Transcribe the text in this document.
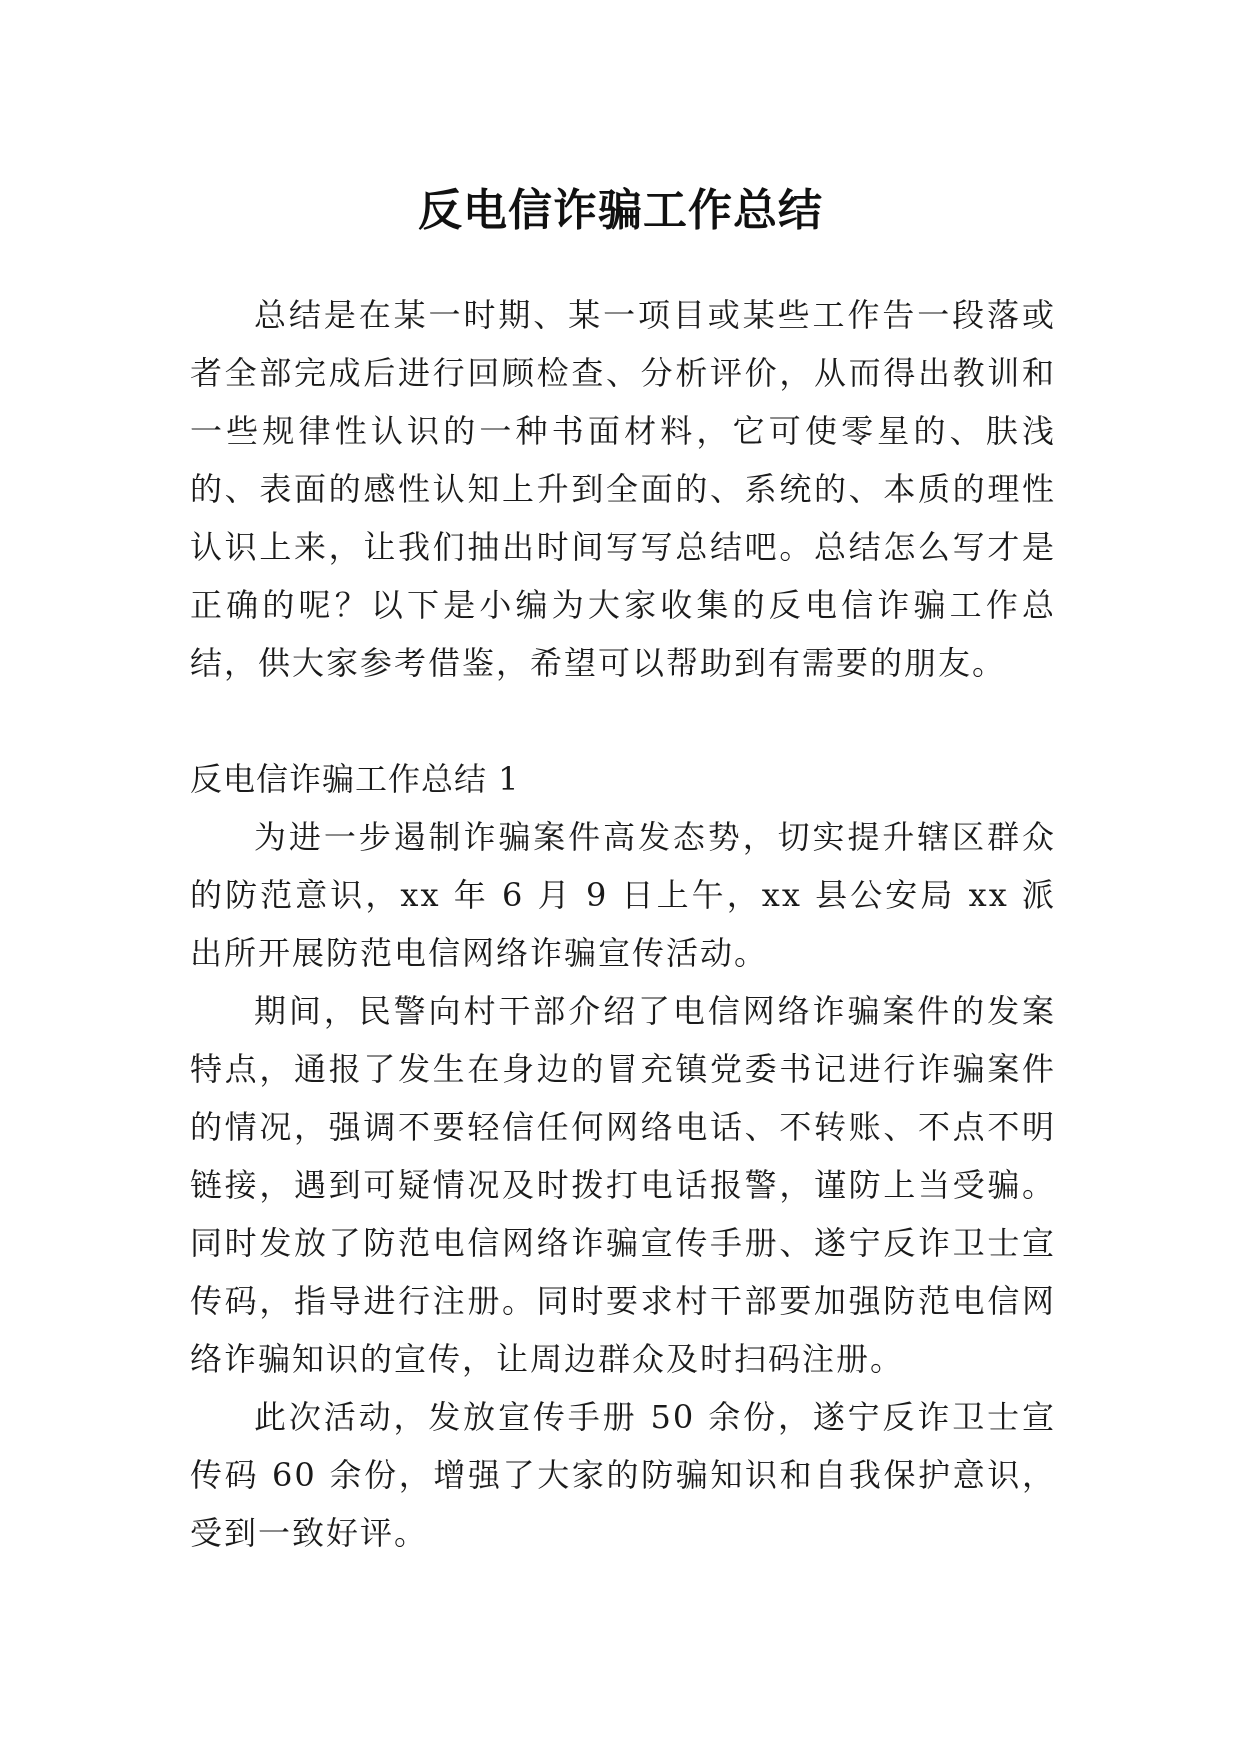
反电信诈骗工作总结

总结是在某一时期、某一项目或某些工作告一段落或者全部完成后进行回顾检查、分析评价，从而得出教训和一些规律性认识的一种书面材料，它可使零星的、肤浅的、表面的感性认知上升到全面的、系统的、本质的理性认识上来，让我们抽出时间写写总结吧。总结怎么写才是正确的呢？以下是小编为大家收集的反电信诈骗工作总结，供大家参考借鉴，希望可以帮助到有需要的朋友。

反电信诈骗工作总结 1

为进一步遏制诈骗案件高发态势，切实提升辖区群众的防范意识，xx 年 6 月 9 日上午，xx 县公安局 xx 派出所开展防范电信网络诈骗宣传活动。

期间，民警向村干部介绍了电信网络诈骗案件的发案特点，通报了发生在身边的冒充镇党委书记进行诈骗案件的情况，强调不要轻信任何网络电话、不转账、不点不明链接，遇到可疑情况及时拨打电话报警，谨防上当受骗。同时发放了防范电信网络诈骗宣传手册、遂宁反诈卫士宣传码，指导进行注册。同时要求村干部要加强防范电信网络诈骗知识的宣传，让周边群众及时扫码注册。

此次活动，发放宣传手册 50 余份，遂宁反诈卫士宣传码 60 余份，增强了大家的防骗知识和自我保护意识，受到一致好评。
